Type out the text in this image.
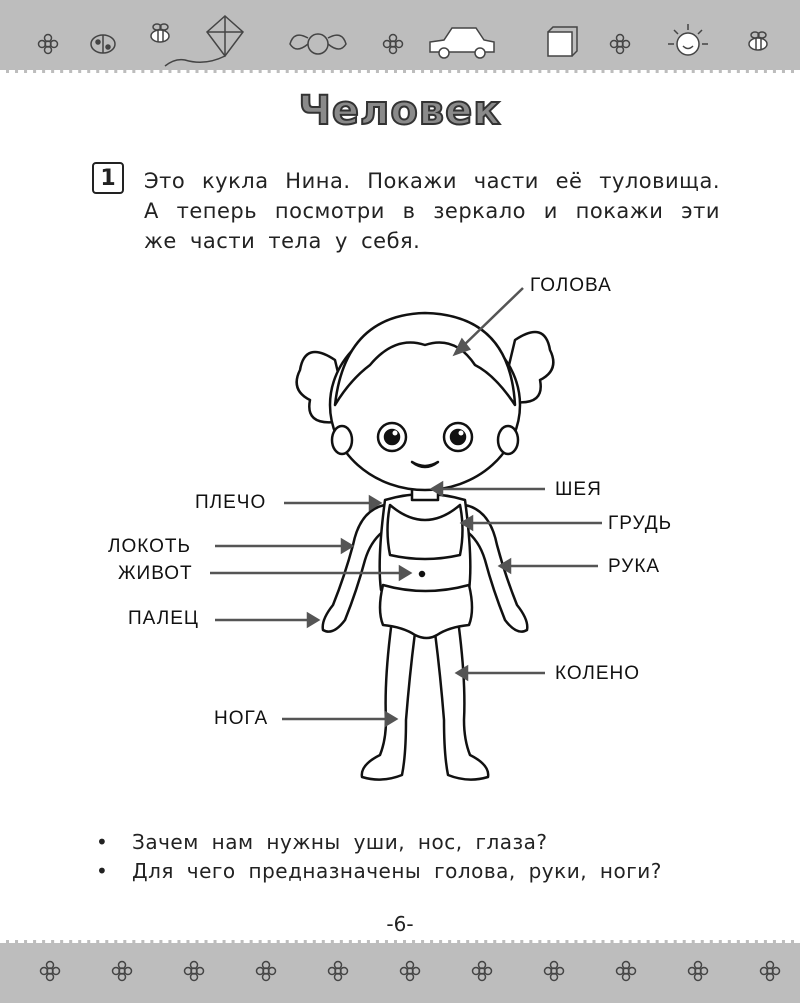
Человек
1	Это кукла Нина. Покажи части её туловища.
А теперь посмотри в зеркало и покажи эти
же части тела у себя.
ГОЛОВА
ШЕЯ
ПЛЕЧО
ГРУДЬ
ЛОКОТЬ
ЖИВОТ	РУКА
ПАЛЕЦ
КОЛЕНО
НОГА
• Зачем нам нужны уши, нос, глаза?
• Для чего предназначены голова, руки, ноги?
-6-
